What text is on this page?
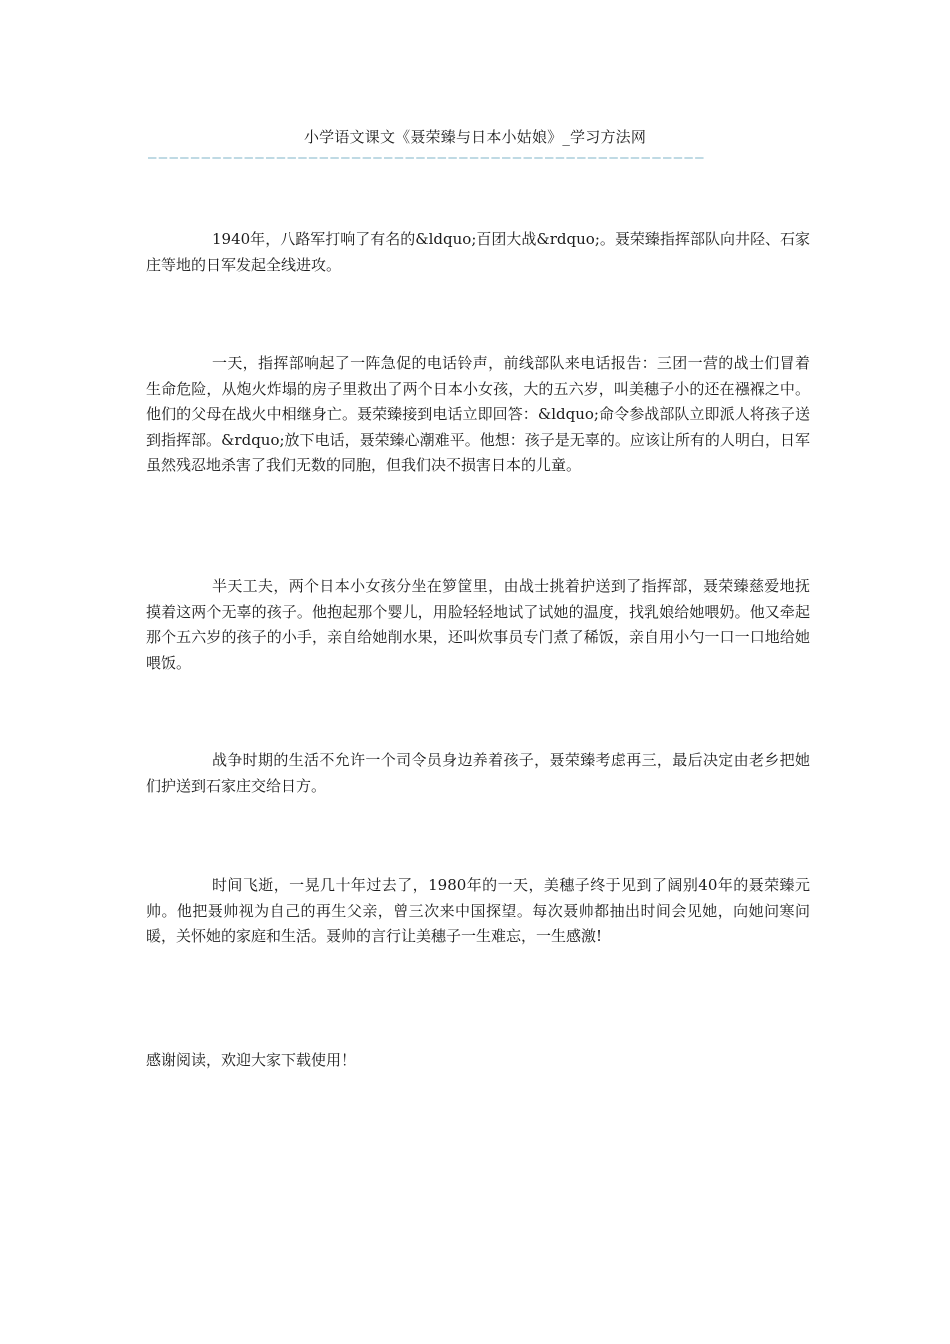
小学语文课文《聂荣臻与日本小姑娘》_学习方法网
————————————————————————————————————————————————————

1940年，八路军打响了有名的&ldquo;百团大战&rdquo;。聂荣臻指挥部队向井陉、石家庄等地的日军发起全线进攻。

一天，指挥部响起了一阵急促的电话铃声，前线部队来电话报告：三团一营的战士们冒着生命危险，从炮火炸塌的房子里救出了两个日本小女孩，大的五六岁，叫美穗子小的还在襁褓之中。他们的父母在战火中相继身亡。聂荣臻接到电话立即回答：&ldquo;命令参战部队立即派人将孩子送到指挥部。&rdquo;放下电话，聂荣臻心潮难平。他想：孩子是无辜的。应该让所有的人明白，日军虽然残忍地杀害了我们无数的同胞，但我们决不损害日本的儿童。

半天工夫，两个日本小女孩分坐在箩筐里，由战士挑着护送到了指挥部，聂荣臻慈爱地抚摸着这两个无辜的孩子。他抱起那个婴儿，用脸轻轻地试了试她的温度，找乳娘给她喂奶。他又牵起那个五六岁的孩子的小手，亲自给她削水果，还叫炊事员专门煮了稀饭，亲自用小勺一口一口地给她喂饭。

战争时期的生活不允许一个司令员身边养着孩子，聂荣臻考虑再三，最后决定由老乡把她们护送到石家庄交给日方。

时间飞逝，一晃几十年过去了，1980年的一天，美穗子终于见到了阔别40年的聂荣臻元帅。他把聂帅视为自己的再生父亲，曾三次来中国探望。每次聂帅都抽出时间会见她，向她问寒问暖，关怀她的家庭和生活。聂帅的言行让美穗子一生难忘，一生感激!

感谢阅读，欢迎大家下载使用！
